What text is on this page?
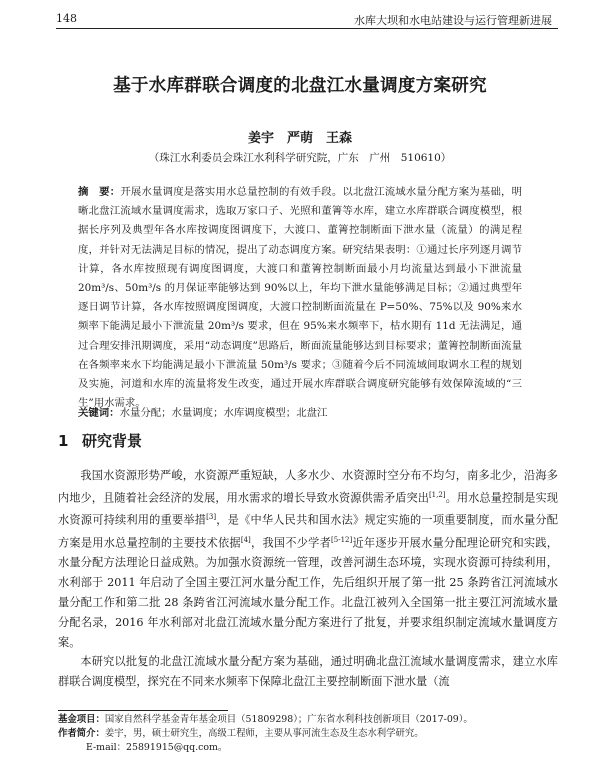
148	水库大坝和水电站建设与运行管理新进展
基于水库群联合调度的北盘江水量调度方案研究
姜宇　严萌　王森
（珠江水利委员会珠江水利科学研究院，广东　广州　510610）
摘　要：开展水量调度是落实用水总量控制的有效手段。以北盘江流域水量分配方案为基础，明晰北盘江流域水量调度需求，选取万家口子、光照和董箐等水库，建立水库群联合调度模型，根据长序列及典型年各水库按调度图调度下，大渡口、董箐控制断面下泄水量（流量）的满足程度，并针对无法满足目标的情况，提出了动态调度方案。研究结果表明：①通过长序列逐月调节计算，各水库按照现有调度图调度，大渡口和董箐控制断面最小月均流量达到最小下泄流量 20m³/s、50m³/s 的月保证率能够达到 90%以上，年均下泄水量能够满足目标；②通过典型年逐日调节计算，各水库按照调度图调度，大渡口控制断面流量在 P=50%、75%以及 90%来水频率下能满足最小下泄流量 20m³/s 要求，但在 95%来水频率下，枯水期有 11d 无法满足，通过合理安排汛期调度，采用“动态调度”思路后，断面流量能够达到目标要求；董箐控制断面流量在各频率来水下均能满足最小下泄流量 50m³/s 要求；③随着今后不同流域间取调水工程的规划及实施，河道和水库的流量将发生改变，通过开展水库群联合调度研究能够有效保障流域的“三生”用水需求。
关键词：水量分配；水量调度；水库调度模型；北盘江
1 研究背景

我国水资源形势严峻，水资源严重短缺，人多水少、水资源时空分布不均匀，南多北少，沿海多内地少，且随着社会经济的发展，用水需求的增长导致水资源供需矛盾突出[1,2]。用水总量控制是实现水资源可持续利用的重要举措[3]，是《中华人民共和国水法》规定实施的一项重要制度，而水量分配方案是用水总量控制的主要技术依据[4]，我国不少学者[5-12]近年逐步开展水量分配理论研究和实践，水量分配方法理论日益成熟。为加强水资源统一管理，改善河湖生态环境，实现水资源可持续利用，水利部于 2011 年启动了全国主要江河水量分配工作，先后组织开展了第一批 25 条跨省江河流域水量分配工作和第二批 28 条跨省江河流域水量分配工作。北盘江被列入全国第一批主要江河流域水量分配名录，2016 年水利部对北盘江流域水量分配方案进行了批复，并要求组织制定流域水量调度方案。

本研究以批复的北盘江流域水量分配方案为基础，通过明确北盘江流域水量调度需求，建立水库群联合调度模型，探究在不同来水频率下保障北盘江主要控制断面下泄水量（流

基金项目：国家自然科学基金青年基金项目（51809298）；广东省水利科技创新项目（2017-09）。
作者简介：姜宇，男，硕士研究生，高级工程师，主要从事河流生态及生态水利学研究。
E-mail：25891915@qq.com。
